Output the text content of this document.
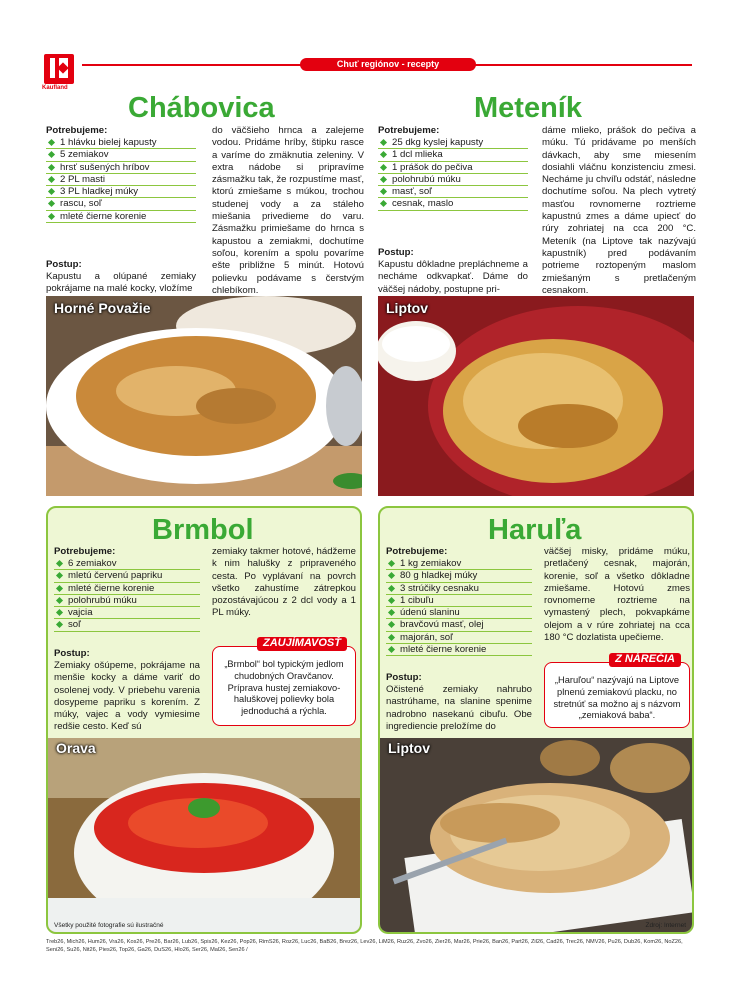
Kaufland
Chuť regiónov - recepty
Chábovica
Potrebujeme:
1 hlávku bielej kapusty
5 zemiakov
hrsť sušených hríbov
2 PL masti
3 PL hladkej múky
rascu, soľ
mleté čierne korenie
Postup:
Kapustu a olúpané zemiaky pokrájame na malé kocky, vložíme
do väčšieho hrnca a zalejeme vodou. Pridáme hríby, štipku rasce a varíme do zmäknutia zeleniny. V extra nádobe si pripravíme zásmažku tak, že rozpustíme masť, ktorú zmiešame s múkou, trochou studenej vody a za stáleho miešania privedieme do varu. Zásmažku primiešame do hrnca s kapustou a zemiakmi, dochutíme soľou, korením a spolu povaríme ešte približne 5 minút. Hotovú polievku podávame s čerstvým chlebíkom.
Meteník
Potrebujeme:
25 dkg kyslej kapusty
1 dcl mlieka
1 prášok do pečiva
polohrubú múku
masť, soľ
cesnak, maslo
Postup:
Kapustu dôkladne prepláchneme a necháme odkvapkať. Dáme do väčšej nádoby, postupne pri-
dáme mlieko, prášok do pečiva a múku. Tú pridávame po menších dávkach, aby sme miesením dosiahli vláčnu konzistenciu zmesi. Necháme ju chvíľu odstáť, následne dochutíme soľou. Na plech vytretý masťou rovnomerne roztrieme kapustnú zmes a dáme upiecť do rúry zohriatej na cca 200 °C. Meteník (na Liptove tak nazývajú kapustník) pred podávaním potrieme roztopeným maslom zmiešaným s pretlačeným cesnakom.
Horné Považie	Liptov
Brmbol
Potrebujeme:
6 zemiakov
mletú červenú papriku
mleté čierne korenie
polohrubú múku
vajcia
soľ
Postup:
Zemiaky ošúpeme, pokrájame na menšie kocky a dáme variť do osolenej vody. V priebehu varenia dosypeme papriku s korením. Z múky, vajec a vody vymiesime redšie cesto. Keď sú
zemiaky takmer hotové, hádžeme k nim halušky z pripraveného cesta. Po vyplávaní na povrch všetko zahustíme zátrepkou pozostávajúcou z 2 dcl vody a 1 PL múky.
ZAUJÍMAVOSŤ
„Brmbol“ bol typickým jedlom chudobných Oravčanov. Príprava hustej zemiakovo-haluškovej polievky bola jednoduchá a rýchla.
Orava
Všetky použité fotografie sú ilustračné
Haruľa
Potrebujeme:
1 kg zemiakov
80 g hladkej múky
3 strúčiky cesnaku
1 cibuľu
údenú slaninu
bravčovú masť, olej
majorán, soľ
mleté čierne korenie
Postup:
Očistené zemiaky nahrubo nastrúhame, na slanine spenime nadrobno nasekanú cibuľu. Obe ingrediencie preložíme do
väčšej misky, pridáme múku, pretlačený cesnak, majorán, korenie, soľ a všetko dôkladne zmiešame. Hotovú zmes rovnomerne roztrieme na vymastený plech, pokvapkáme olejom a v rúre zohriatej na cca 180 °C dozlatista upečieme.
Z NÁREČIA
„Haruľou“ nazývajú na Liptove plnenú zemiakovú placku, no stretnúť sa možno aj s názvom „zemiaková baba“.
Liptov
Zdroj: Internet
Treb26, Mich26, Hum26, Vra26, Kos26, Pre26, Bar26, Lub26, Spis26, Kez26, Pop26, RimS26, Roz26, Luc26, BaB26, Brez26, Lev26, LiM26, Ruz26, Zvo26, Zier26, Mar26, Prie26, Ban26, Part26, Zil26, Cad26, Trec26, NMV26, Pu26, Dub26, Kom26, NoZ26, Seni26, Su26, Nit26, Pies26, Top26, Ga26, DuS26, Hlo26, Ser26, Mal26, Sen26 /
